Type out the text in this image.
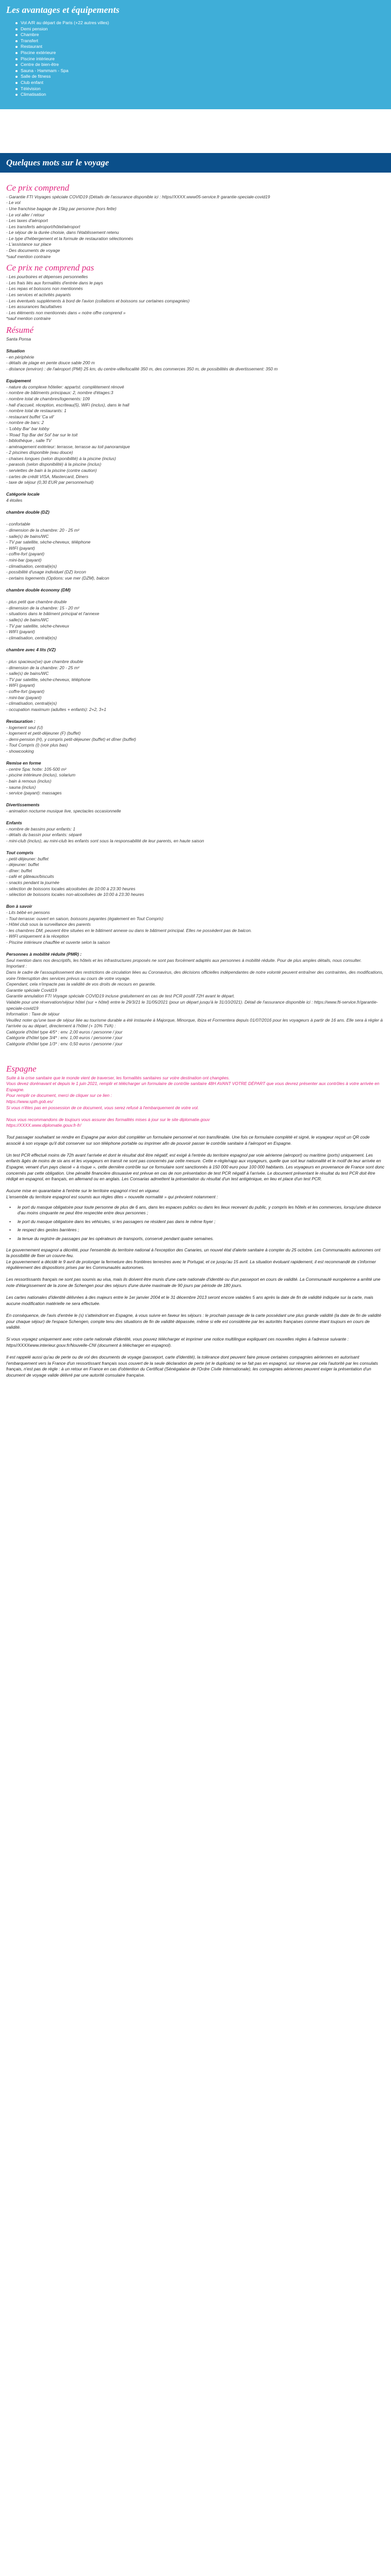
Les avantages et équipements
Vol A/R au départ de Paris (+22 autres villes)
Demi pension
Chambre
Transfert
Restaurant
Piscine extérieure
Piscine intérieure
Centre de bien-être
Sauna - Hammam - Spa
Salle de fitness
Club enfant
Télévision
Climatisation
Quelques mots sur le voyage
Ce prix comprend

- Garantie FTI Voyages spéciale COVID19 (Détails de l'assurance disponible ici : https//XXXX.www05-service.fr garantie-speciale-covid19

- Le vol

- Une franchise bagage de 15kg par personne (hors fette)

- Le vol aller / retour

- Les taxes d'aéroport

- Les transferts aéroport/hôtel/aéroport

- Le séjour de la durée choisie, dans l'établissement retenu

- Le type d'hébergement et la formule de restauration sélectionnés

- L'assistance sur place

- Des documents de voyage

*sauf mention contraire

Ce prix ne comprend pas

- Les pourboires et dépenses personnelles

- Les frais liés aux formalités d'entrée dans le pays

- Les repas et boissons non mentionnés

- Les services et activités payants

- Les éventuels suppléments à bord de l'avion (collations et boissons sur certaines compagnies)

- Les assurances facultatives

- Les éléments non mentionnés dans « notre offre comprend »

*sauf mention contraire

Résumé

Santa Ponsa

Situation

- en périphérie

- détails de plage en pente douce sable 200 m

- distance (environ) : de l'aéroport (PMI) 25 km, du centre-ville/localité 350 m, des commerces 350 m, de possibilités de divertissement: 350 m

Equipement

- nature du complexe hôtelier: appartst. complètement rénové

- nombre de bâtiments principaux: 2, nombre d'étages:3

- nombre total de chambres/logements: 109

- hall d'accueil, réception, escriteau(5), WiFi (inclus), dans le hall

- nombre total de restaurants: 1

- restaurant buffet 'Ca vil'

- nombre de bars: 2

- 'Lobby Bar' bar lobby

- 'Road Top Bar del Sol' bar sur le toit

- bibliothèque , salle TV

- aménagement extérieur: terrasse, terrasse au toit panoramique

- 2 piscines disponible (eau douce)

- chaises longues (selon disponibilité) à la piscine (inclus)

- parasols (selon disponibilité) à la piscine (inclus)

- serviettes de bain à la piscine (contre caution)

- cartes de crédit VISA, Mastercard, Diners

- taxe de séjour (0,30 EUR par personne/nuit)

Catégorie locale

4 étoiles

chambre double (DZ)

- confortable

- dimension de la chambre: 20 - 25 m²

- salle(s) de bains/WC

- TV par satellite, sèche-cheveux, téléphone

- WIFI (payant)

- coffre-fort (payant)

- mini-bar (payant)

- climatisation, central(e)s)

- possibilité d'usage individuel (DZ) lorcon

- certains logements (Options: vue mer (DZM), balcon

chambre double économy (DM)

- plus petit que chambre double

- dimension de la chambre: 15 - 20 m²

- situations dans le bâtiment principal et l'annexe

- salle(s) de bains/WC

- TV par satellite, sèche-cheveux

- WIFI (payant)

- climatisation, central(e)s)

chambre avec 4 lits (VZ)

- plus spacieux(se) que chambre double

- dimension de la chambre: 20 - 25 m²

- salle(s) de bains/WC

- TV par satellite, sèche-cheveux, téléphone

- WIFI (payant)

- coffre-fort (payant)

- mini-bar (payant)

- climatisation, central(e)s)

- occupation maximum (adultes + enfants): 2+2, 3+1

Restauration :

- logement seul (U)

- logement et petit-déjeuner (F) (buffet)

- demi-pension (H), y compris petit-déjeuner (buffet) et dîner (buffet)

- Tout Compris (l) (voir plus bas)

- showcooking

Remise en forme

- centre Spa: hotte: 105-500 m²

- piscine intérieure (inclus), solarium

- bain à remous (inclus)

- sauna (inclus)

- service (payant): massages

Divertissements

- animation nocturne musique live, spectacles occasionnelle

Enfants

- nombre de bassins pour enfants: 1

- détails du bassin pour enfants: séparé

- mini-club (inclus), au mini-club les enfants sont sous la responsabilité de leur parents, en haute saison

Tout compris

- petit-déjeuner: buffet

- déjeuner: buffet

- dîner: buffet

- café et gâteaux/biscuits

- snacks pendant la journée

- sélection de boissons locales alcoolisées de 10:00 à 23:30 heures

- sélection de boissons locales non-alcoolisées de 10:00 à 23:30 heures

Bon à savoir

- Lits bébé en pensons

- Tout-terrasse: ouvert en saison, boissons payantes (également en Tout Compris)

- Hôtel club sous la surveillance des parents

- les chambres DM, peuvent être situées en le bâtiment annexe ou dans le bâtiment principal. Elles ne possèdent pas de balcon.

- WIFI uniquement à la réception

- Piscine intérieure chauffée et ouverte selon la saison

Personnes à mobilité réduite (PMR) :

Seul mention dans nos descriptifs, les hôtels et les infrastructures proposés ne sont pas forcément adaptés aux personnes à mobilité réduite. Pour de plus amples détails, nous consulter.

Important :

Dans le cadre de l'assouplissement des restrictions de circulation liées au Coronavirus, des décisions officielles indépendantes de notre volonté peuvent entraîner des contraintes, des modifications, voire l'interruption des services prévus au cours de votre voyage.

Cependant, cela n'impacte pas la validité de vos droits de recours en garantie.

Garantie spéciale Covid19

Garantie annulation FTI Voyage spéciale COVID19 incluse gratuitement en cas de test PCR positif 72H avant le départ.

Valable pour une réservation/séjour hôtel (sur + hôtel) entre le 29/3/21 le 31/05/2021 (pour un départ jusqu'à le 31/10/2021). Détail de l'assurance disponible ici : https://www.fti-service.fr/garantie-speciale-covid19

Information : Taxe de séjour

Veuillez noter qu'une taxe de séjour liée au tourisme durable a été instaurée à Majorque, Minorque, Ibiza et Formentera depuis 01/07/2016 pour les voyageurs à partir de 16 ans. Elle sera à régler à l'arrivée ou au départ, directement à l'hôtel (+ 10% TVA) :

Catégorie d'hôtel type 4/5* : env. 2,00 euros / personne / jour

Catégorie d'hôtel type 3/4* : env. 1,00 euros / personne / jour

Catégorie d'hôtel type 1/3* : env. 0,50 euros / personne / jour

Espagne

Suite à la crise sanitaire que le monde vient de traverser, les formalités sanitaires sur votre destination ont changées.

Vous devez dorénavant et depuis le 1 juin 2021, remplir et télécharger un formulaire de contrôle sanitaire 48H AVANT VOTRE DÉPART que vous devrez présenter aux contrôles à votre arrivée en Espagne.

Pour remplir ce document, merci de cliquer sur ce lien :

https://www.spth.gob.es/

Si vous n'êtes pas en possession de ce document, vous serez refusé à l'embarquement de votre vol.

Nous vous recommandons de toujours vous assurer des formalités mises à jour sur le site diplomatie.gouv

https://XXXX.www.diplomatie.gouv.fr-fr/

Tout passager souhaitant se rendre en Espagne par avion doit compléter un formulaire personnel et non transférable. Une fois ce formulaire complété et signé, le voyageur reçoit un QR code associé à son voyage qu'il doit conserver sur son téléphone portable ou imprimer afin de pouvoir passer le contrôle sanitaire à l'aéroport en Espagne.

Un test PCR effectué moins de 72h avant l'arrivée et dont le résultat doit être négatif, est exigé à l'entrée du territoire espagnol par voie aérienne (aéroport) ou maritime (ports) uniquement. Les enfants âgés de moins de six ans et les voyageurs en transit ne sont pas concernés par cette mesure. Cette e-règle/rapp aux voyageurs, quelle que soit leur nationalité et le motif de leur arrivée en Espagne, venant d'un pays classé « à risque », cette dernière contrôle sur ce formulaire sont sanctionnés à 150 000 euro pour 100 000 habitants. Les voyageurs en provenance de France sont donc concernés par cette obligation. Une pénalité financière dissuasive est prévue en cas de non présentation de test PCR négatif à l'arrivée. Le document présentant le résultat du test PCR doit être rédigé en espagnol, en français, en allemand ou en anglais. Les Consarias admettent la présentation du résultat d'un test antigénique, en lieu et place d'un test PCR.

Aucune mise en quarantaine à l'entrée sur le territoire espagnol n'est en vigueur.

L'ensemble du territoire espagnol est soumis aux règles dites « nouvelle normalité » qui prévoient notamment :

•	le port du masque obligatoire pour toute personne de plus de 6 ans, dans les espaces publics ou dans les lieux recevant du public, y compris les hôtels et les commerces, lorsqu'une distance d'au moins cinquante ne peut être respectée entre deux personnes ;
•	le port du masque obligatoire dans les véhicules, si les passagers ne résident pas dans le même foyer ;
•	le respect des gestes barrières ;
•	la tenue du registre de passages par les opérateurs de transports, conservé pendant quatre semaines.

Le gouvernement espagnol a décrété, pour l'ensemble du territoire national à l'exception des Canaries, un nouvel état d'alerte sanitaire à compter du 25 octobre. Les Communautés autonomes ont la possibilité de fixer un couvre-feu.

Le gouvernement a décidé le 9 avril de prolonger la fermeture des frontières terrestres avec le Portugal, et ce jusqu'au 15 avril. La situation évoluant rapidement, il est recommandé de s'informer régulièrement des dispositions prises par les Communautés autonomes.

Les ressortissants français ne sont pas soumis au visa, mais ils doivent être munis d'une carte nationale d'identité ou d'un passeport en cours de validité. La Communauté européenne a arrêté une note d'élargissement de la zone de Schengen pour des séjours d'une durée maximale de 90 jours par période de 180 jours.

Les cartes nationales d'identité délivrées à des majeurs entre le 1er janvier 2004 et le 31 décembre 2013 seront encore valables 5 ans après la date de fin de validité indiquée sur la carte, mais aucune modification matérielle ne sera effectuée.

En conséquence, de l'avis d'entrée le (s) s'atteindront en Espagne, à vous suivre en faveur les séjours : le prochain passage de la carte possédant une plus grande validité (la date de fin de validité pour chaque séjour) de l'espace Schengen, compte tenu des situations de fin de validité dépassée, même si elle est considérée par les autorités françaises comme étant toujours en cours de validité.

Si vous voyagez uniquement avec votre carte nationale d'identité, vous pouvez télécharger et imprimer une notice multilingue expliquant ces nouvelles règles à l'adresse suivante : https//XXXXwww.interieur.gouv.fr/Nouvelle-CNI (document à télécharger en espagnol).

Il est rappelé aussi qu'au de perte ou de vol des documents de voyage (passeport, carte d'identité), la tolérance dont peuvent faire preuve certaines compagnies aériennes en autorisant l'embarquement vers la France d'un ressortissant français sous couvert de la seule déclaration de perte (et le duplicata) ne se fait pas en espagnol, sur réserve par cela l'autorité par les consulats français, n'est pas de règle : à un retour en France en cas d'obtention du Certificat (Sénégalaise de l'Ordre Civile Internationale), les compagnies aériennes peuvent exiger la présentation d'un document de voyage valide délivré par une autorité consulaire française.
